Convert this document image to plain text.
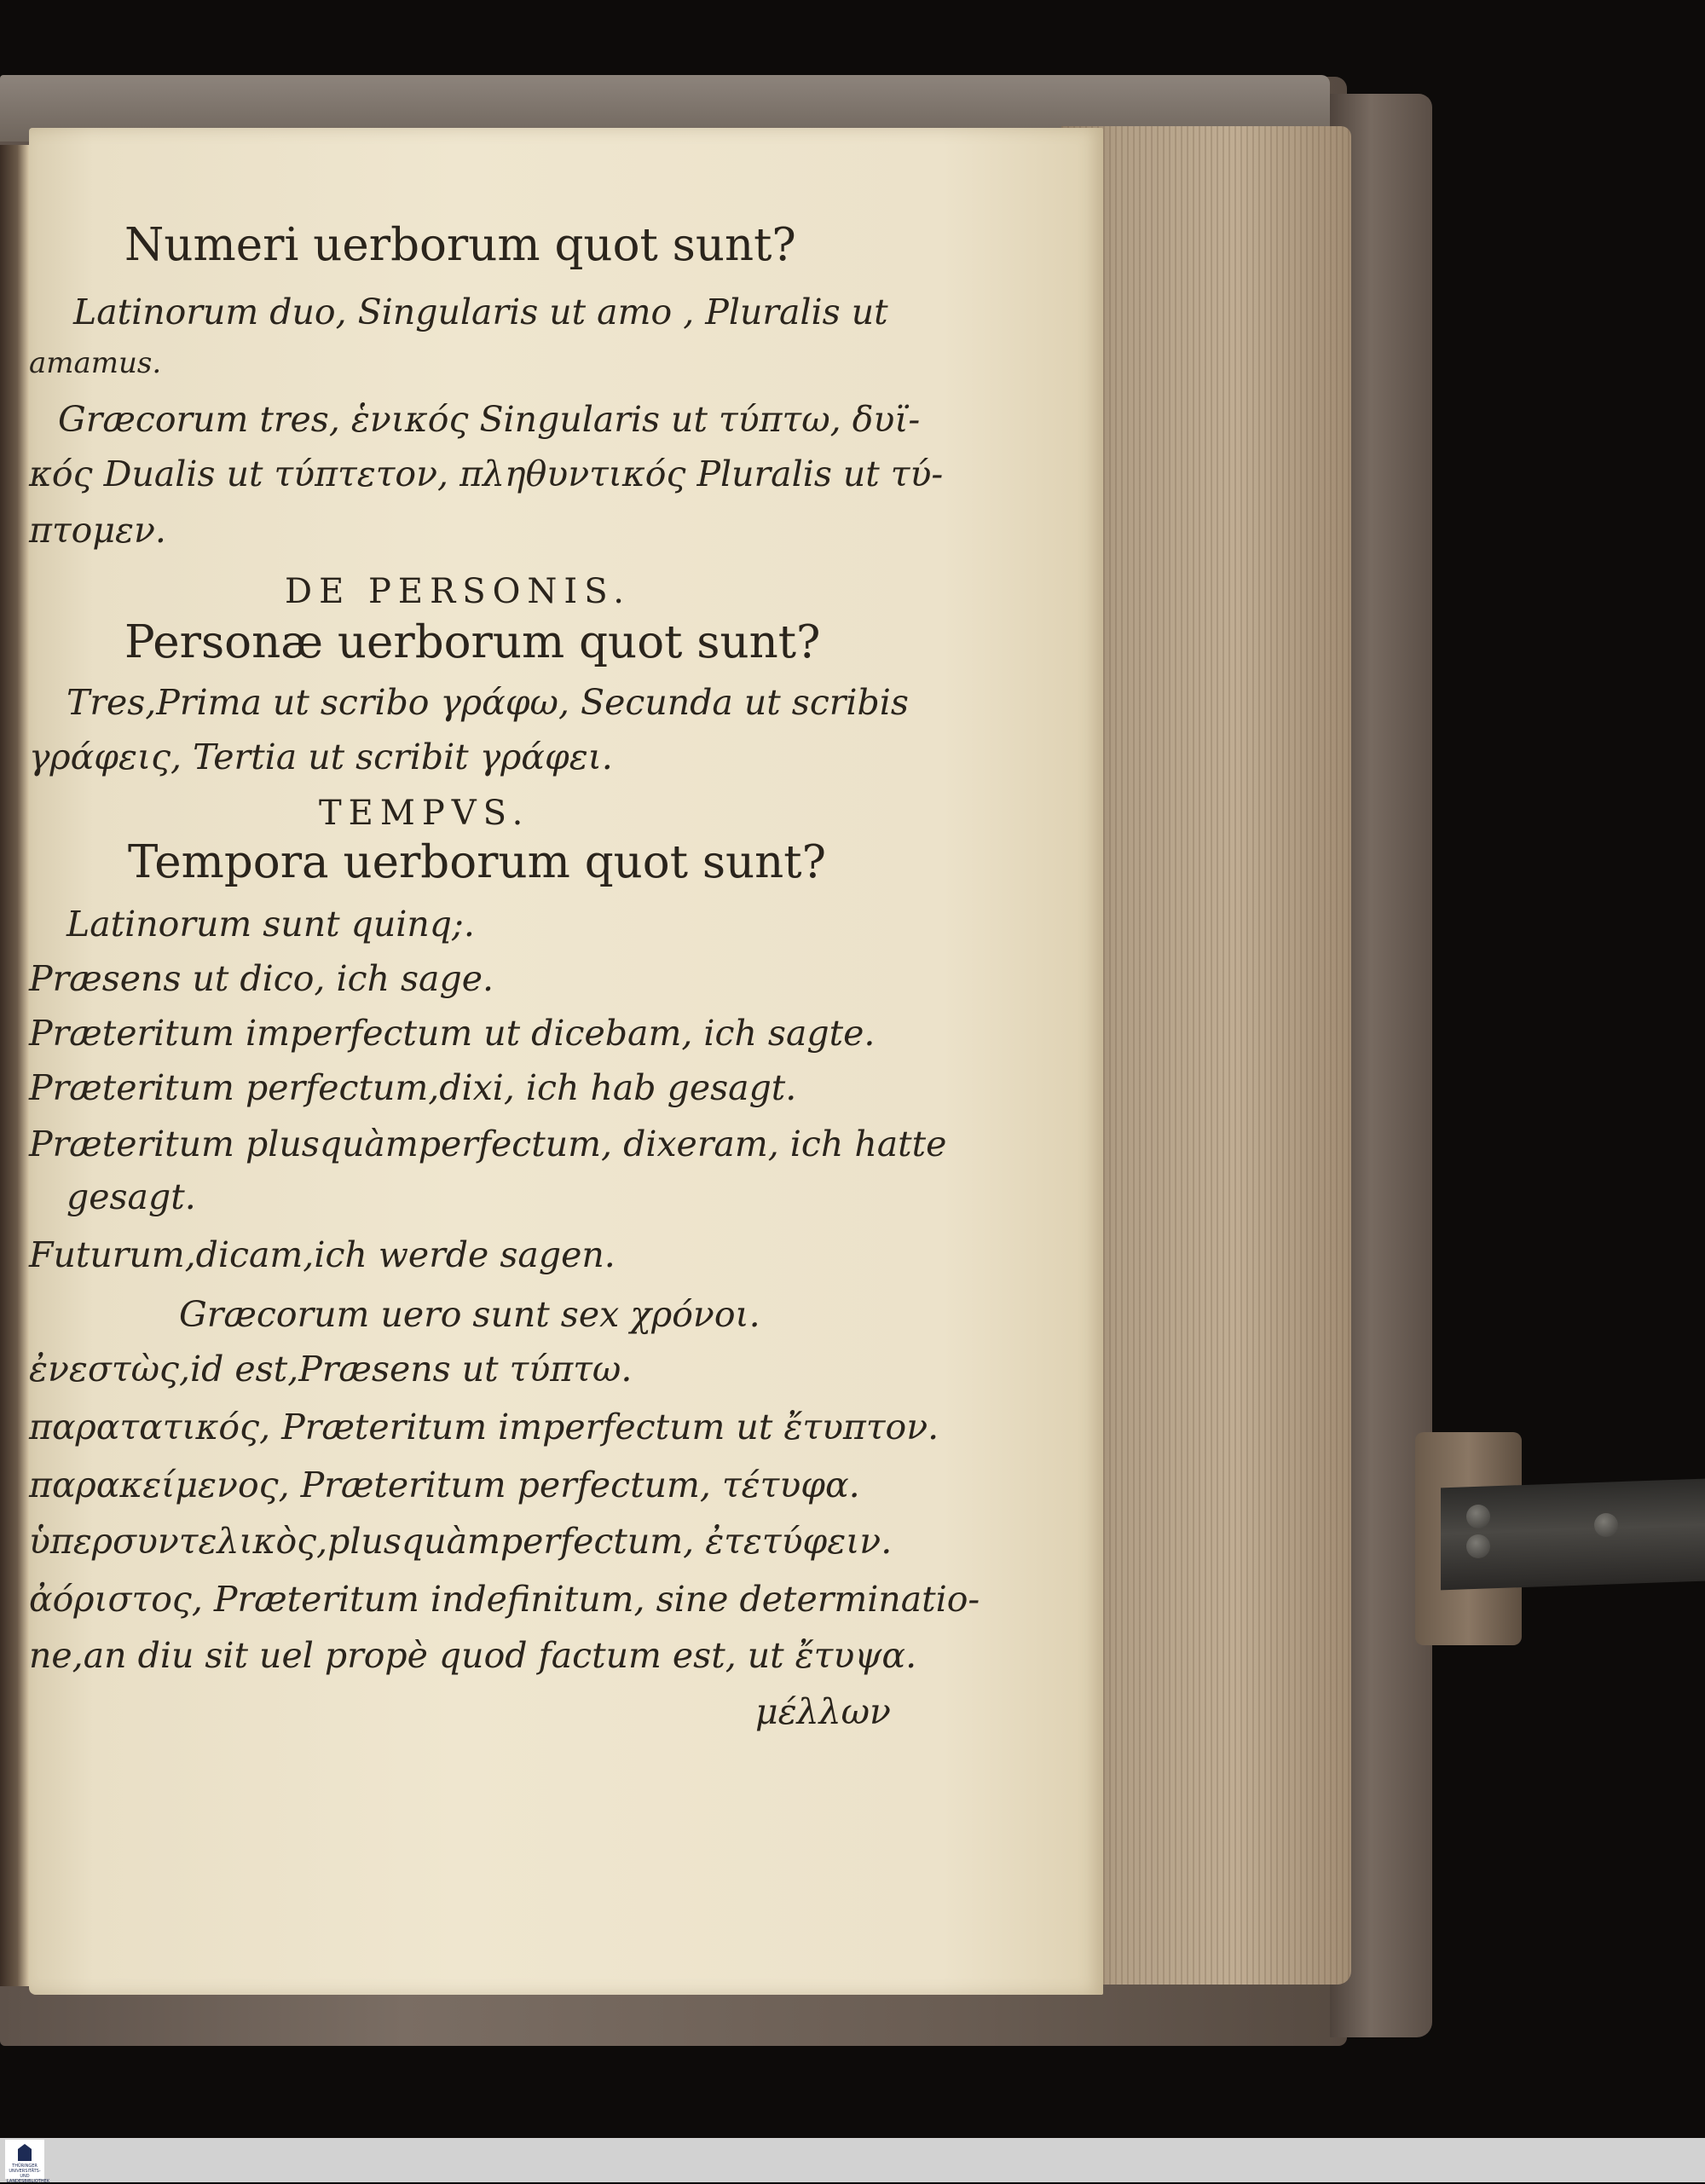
Numeri uerborum quot sunt?
Latinorum duo, Singularis ut amo , Pluralis ut
amamus.
Græcorum tres, ἑνικός Singularis ut τύπτω, δυϊ-
κός Dualis ut τύπτετον, πληθυντικός Pluralis ut τύ-
πτομεν.
DE PERSONIS.
Personæ uerborum quot sunt?
Tres,Prima ut scribo γράφω, Secunda ut scribis
γράφεις, Tertia ut scribit γράφει.
TEMPVS.
Tempora uerborum quot sunt?
Latinorum sunt quinq;.
Præsens ut dico, ich sage.
Præteritum imperfectum ut dicebam, ich sagte.
Præteritum perfectum,dixi, ich hab gesagt.
Præteritum plusquàmperfectum, dixeram, ich hatte
gesagt.
Futurum,dicam,ich werde sagen.
Græcorum uero sunt sex χρόνοι.
ἐνεστὼς,id est,Præsens ut τύπτω.
παρατατικός, Præteritum imperfectum ut ἔτυπτον.
παρακείμενος, Præteritum perfectum, τέτυφα.
ὑπερσυντελικὸς,plusquàmperfectum, ἐτετύφειν.
ἀόριστος, Præteritum indefinitum, sine determinatio-
ne,an diu sit uel propè quod factum est, ut ἔτυψα.
μέλλων
THÜRINGER UNIVERSITÄTS- UND LANDESBIBLIOTHEK
